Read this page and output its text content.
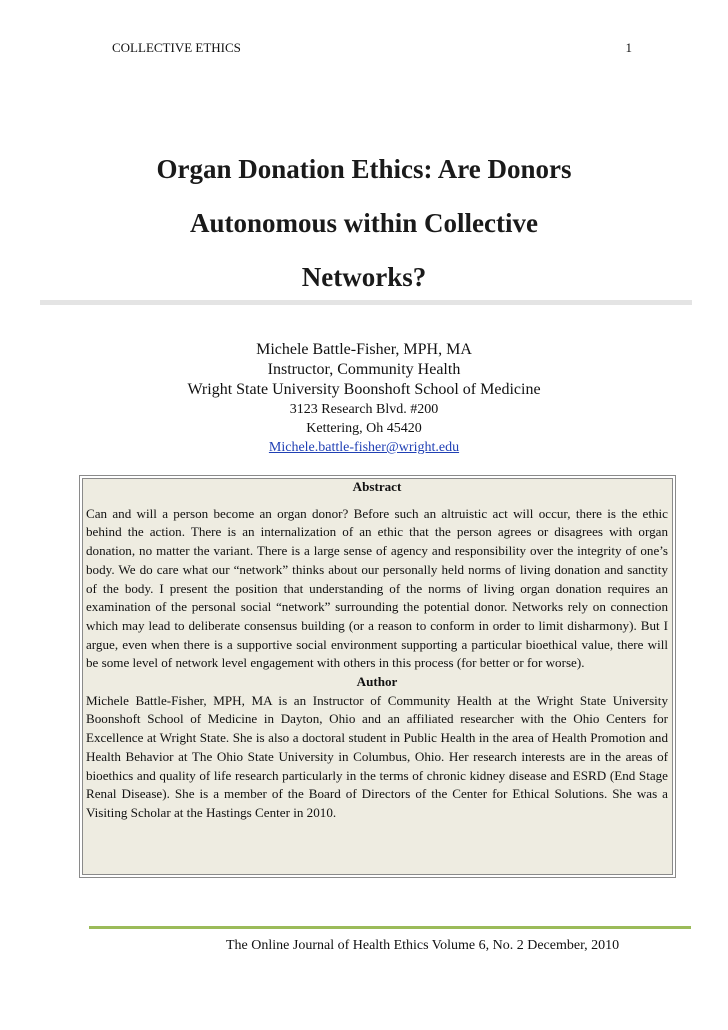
COLLECTIVE ETHICS	1
Organ Donation Ethics: Are Donors
Autonomous within Collective
Networks?
Michele Battle-Fisher, MPH, MA
Instructor, Community Health
Wright State University Boonshoft School of Medicine
3123 Research Blvd. #200
Kettering, Oh 45420
Michele.battle-fisher@wright.edu
Abstract

Can and will a person become an organ donor? Before such an altruistic act will occur, there is the ethic behind the action. There is an internalization of an ethic that the person agrees or disagrees with organ donation, no matter the variant. There is a large sense of agency and responsibility over the integrity of one’s body. We do care what our “network” thinks about our personally held norms of living donation and sanctity of the body. I present the position that understanding of the norms of living organ donation requires an examination of the personal social “network” surrounding the potential donor. Networks rely on connection which may lead to deliberate consensus building (or a reason to conform in order to limit disharmony). But I argue, even when there is a supportive social environment supporting a particular bioethical value, there will be some level of network level engagement with others in this process (for better or for worse).

Author

Michele Battle-Fisher, MPH, MA is an Instructor of Community Health at the Wright State University Boonshoft School of Medicine in Dayton, Ohio and an affiliated researcher with the Ohio Centers for Excellence at Wright State. She is also a doctoral student in Public Health in the area of Health Promotion and Health Behavior at The Ohio State University in Columbus, Ohio. Her research interests are in the areas of bioethics and quality of life research particularly in the terms of chronic kidney disease and ESRD (End Stage Renal Disease). She is a member of the Board of Directors of the Center for Ethical Solutions. She was a Visiting Scholar at the Hastings Center in 2010.

The Online Journal of Health Ethics Volume 6, No. 2 December, 2010
